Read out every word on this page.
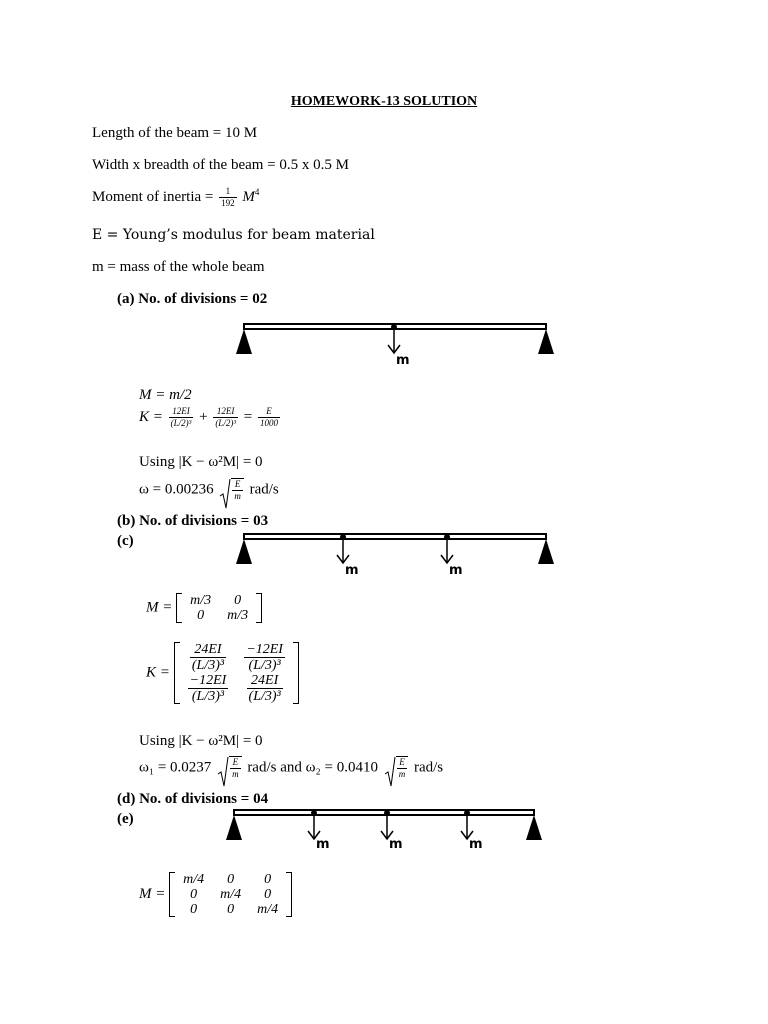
HOMEWORK-13 SOLUTION
Length of the beam = 10 M
Width x breadth of the beam = 0.5 x 0.5 M
Moment of inertia = $\frac{1}{192} M^4$
E = Young’s modulus for beam material
m = mass of the whole beam
(a) No. of divisions = 02
m
M = m/2
$K = \frac{12EI}{\text{(L/2)³}} + \frac{12EI}{\text{(L/2)³}} = \frac{E}{1000}$
Using |K − ω²M| = 0
$\omega = 0.00236 \frac{E}{m} rad/s$
(b) No. of divisions = 03
(c)
m	m
M = m/3	0
0	m/3
$K = \frac{24EI}{\text{(L/3)³}}$	$\frac{-12EI}{\text{(L/3)³}}$

$\frac{-12EI}{\text{(L/3)³}}$	$\frac{24EI}{\text{(L/3)³}}$
Using |K − ω²M| = 0
$\omega_1 = 0.0237 \frac{E}{m} rad/s$ and $\omega_2 = 0.0410 \frac{E}{m} rad/s$
(d) No. of divisions = 04
(e)
m	m	m
M =
m/4	0	0
0	m/4	0
0	0	m/4
